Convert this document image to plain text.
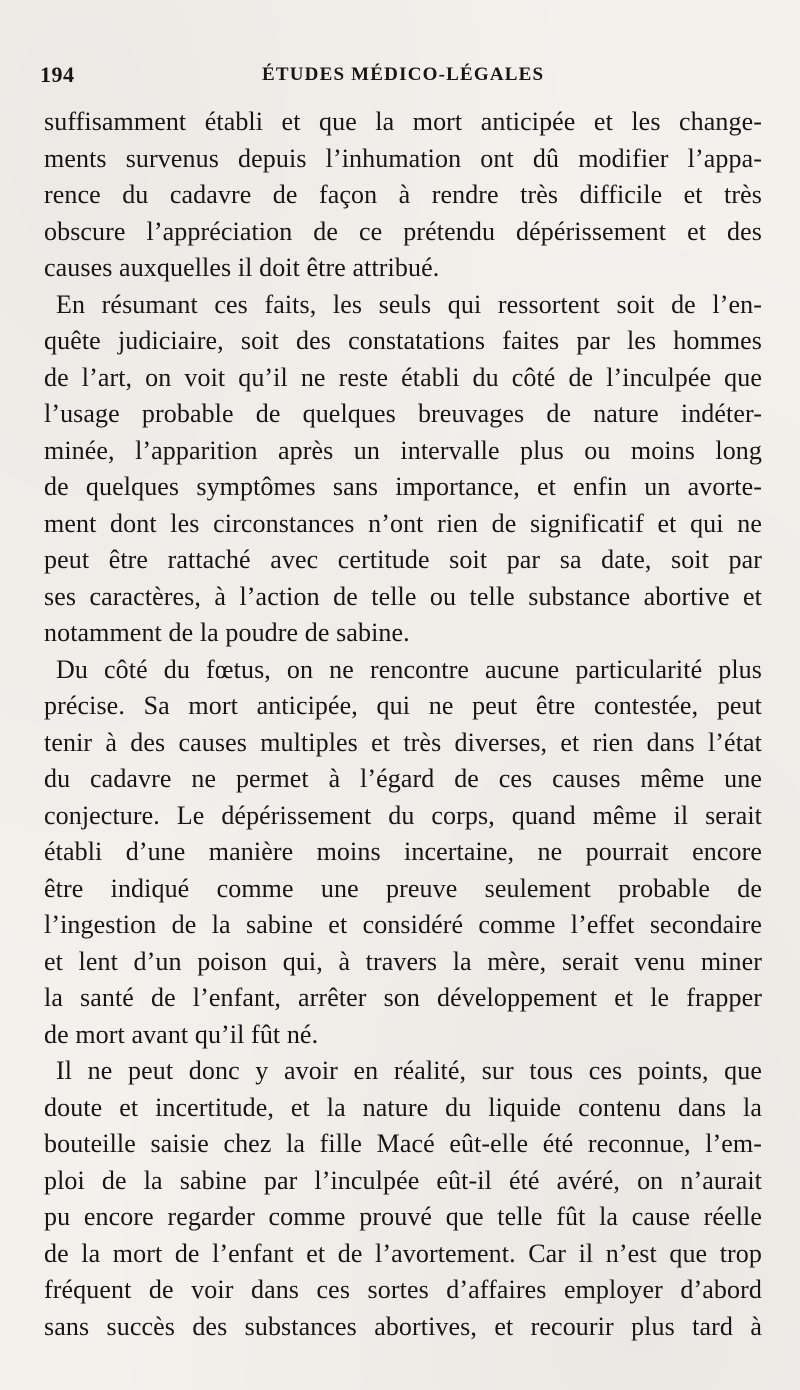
194	ÉTUDES MÉDICO-LÉGALES

suffisamment établi et que la mort anticipée et les change-
ments survenus depuis l’inhumation ont dû modifier l’appa-
rence du cadavre de façon à rendre très difficile et très
obscure l’appréciation de ce prétendu dépérissement et des
causes auxquelles il doit être attribué.

En résumant ces faits, les seuls qui ressortent soit de l’en-
quête judiciaire, soit des constatations faites par les hommes
de l’art, on voit qu’il ne reste établi du côté de l’inculpée que
l’usage probable de quelques breuvages de nature indéter-
minée, l’apparition après un intervalle plus ou moins long
de quelques symptômes sans importance, et enfin un avorte-
ment dont les circonstances n’ont rien de significatif et qui ne
peut être rattaché avec certitude soit par sa date, soit par
ses caractères, à l’action de telle ou telle substance abortive et
notamment de la poudre de sabine.

Du côté du fœtus, on ne rencontre aucune particularité plus
précise. Sa mort anticipée, qui ne peut être contestée, peut
tenir à des causes multiples et très diverses, et rien dans l’état
du cadavre ne permet à l’égard de ces causes même une
conjecture. Le dépérissement du corps, quand même il serait
établi d’une manière moins incertaine, ne pourrait encore
être indiqué comme une preuve seulement probable de
l’ingestion de la sabine et considéré comme l’effet secondaire
et lent d’un poison qui, à travers la mère, serait venu miner
la santé de l’enfant, arrêter son développement et le frapper
de mort avant qu’il fût né.

Il ne peut donc y avoir en réalité, sur tous ces points, que
doute et incertitude, et la nature du liquide contenu dans la
bouteille saisie chez la fille Macé eût-elle été reconnue, l’em-
ploi de la sabine par l’inculpée eût-il été avéré, on n’aurait
pu encore regarder comme prouvé que telle fût la cause réelle
de la mort de l’enfant et de l’avortement. Car il n’est que trop
fréquent de voir dans ces sortes d’affaires employer d’abord
sans succès des substances abortives, et recourir plus tard à
